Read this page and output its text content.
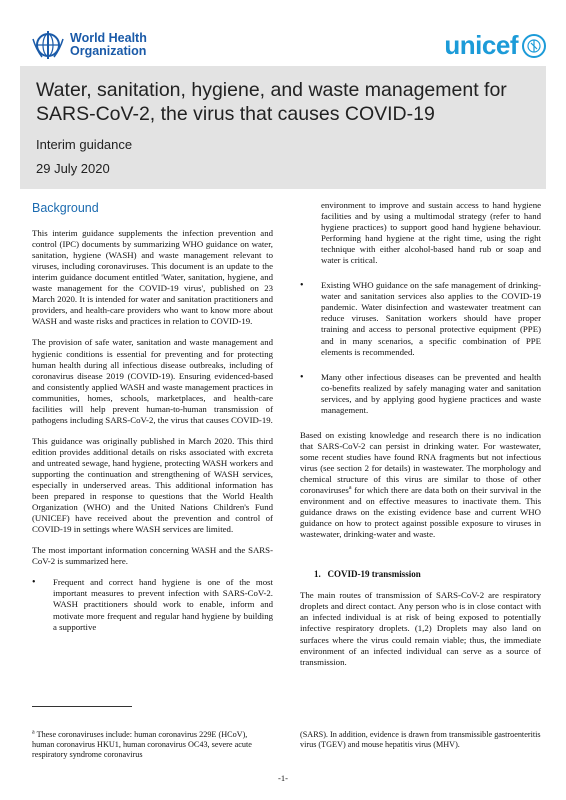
World Health
Organization	unicef
Water, sanitation, hygiene, and waste management for SARS-CoV-2, the virus that causes COVID-19
Interim guidance
29 July 2020
Background

This interim guidance supplements the infection prevention and control (IPC) documents by summarizing WHO guidance on water, sanitation, hygiene (WASH) and waste management relevant to viruses, including coronaviruses. This document is an update to the interim guidance document entitled 'Water, sanitation, hygiene, and waste management for the COVID-19 virus', published on 23 March 2020. It is intended for water and sanitation practitioners and providers, and health-care providers who want to know more about WASH and waste risks and practices in relation to COVID-19.

The provision of safe water, sanitation and waste management and hygienic conditions is essential for preventing and for protecting human health during all infectious disease outbreaks, including of coronavirus disease 2019 (COVID-19). Ensuring evidenced-based and consistently applied WASH and waste management practices in communities, homes, schools, marketplaces, and health-care facilities will help prevent human-to-human transmission of pathogens including SARS-CoV-2, the virus that causes COVID-19.

This guidance was originally published in March 2020. This third edition provides additional details on risks associated with excreta and untreated sewage, hand hygiene, protecting WASH workers and supporting the continuation and strengthening of WASH services, especially in underserved areas. This additional information has been prepared in response to questions that the World Health Organization (WHO) and the United Nations Children's Fund (UNICEF) have received about the prevention and control of COVID-19 in settings where WASH services are limited.

The most important information concerning WASH and the SARS-CoV-2 is summarized here.

• Frequent and correct hand hygiene is one of the most important measures to prevent infection with SARS-CoV-2. WASH practitioners should work to enable, inform and motivate more frequent and regular hand hygiene by building a supportive
environment to improve and sustain access to hand hygiene facilities and by using a multimodal strategy (refer to hand hygiene practices) to support good hand hygiene behaviour. Performing hand hygiene at the right time, using the right technique with either alcohol-based hand rub or soap and water is critical.
• Existing WHO guidance on the safe management of drinking-water and sanitation services also applies to the COVID-19 pandemic. Water disinfection and wastewater treatment can reduce viruses. Sanitation workers should have proper training and access to personal protective equipment (PPE) and in many scenarios, a specific combination of PPE elements is recommended.
• Many other infectious diseases can be prevented and health co-benefits realized by safely managing water and sanitation services, and by applying good hygiene practices and waste management.

Based on existing knowledge and research there is no indication that SARS-CoV-2 can persist in drinking water. For wastewater, some recent studies have found RNA fragments but not infectious virus (see section 2 for details) in wastewater. The morphology and chemical structure of this virus are similar to those of other coronaviruses$^a$ for which there are data both on their survival in the environment and on effective measures to inactivate them. This guidance draws on the existing evidence base and current WHO guidance on how to protect against possible exposure to viruses in wastewater, drinking-water and waste.

1. COVID-19 transmission

The main routes of transmission of SARS-CoV-2 are respiratory droplets and direct contact. Any person who is in close contact with an infected individual is at risk of being exposed to potentially infective respiratory droplets. (1,2) Droplets may also land on surfaces where the virus could remain viable; thus, the immediate environment of an infected individual can serve as a source of transmission.

$^a$ These coronaviruses include: human coronavirus 229E (HCoV), human coronavirus HKU1, human coronavirus OC43, severe acute respiratory syndrome coronavirus
(SARS). In addition, evidence is drawn from transmissible gastroenteritis virus (TGEV) and mouse hepatitis virus (MHV).
-1-
